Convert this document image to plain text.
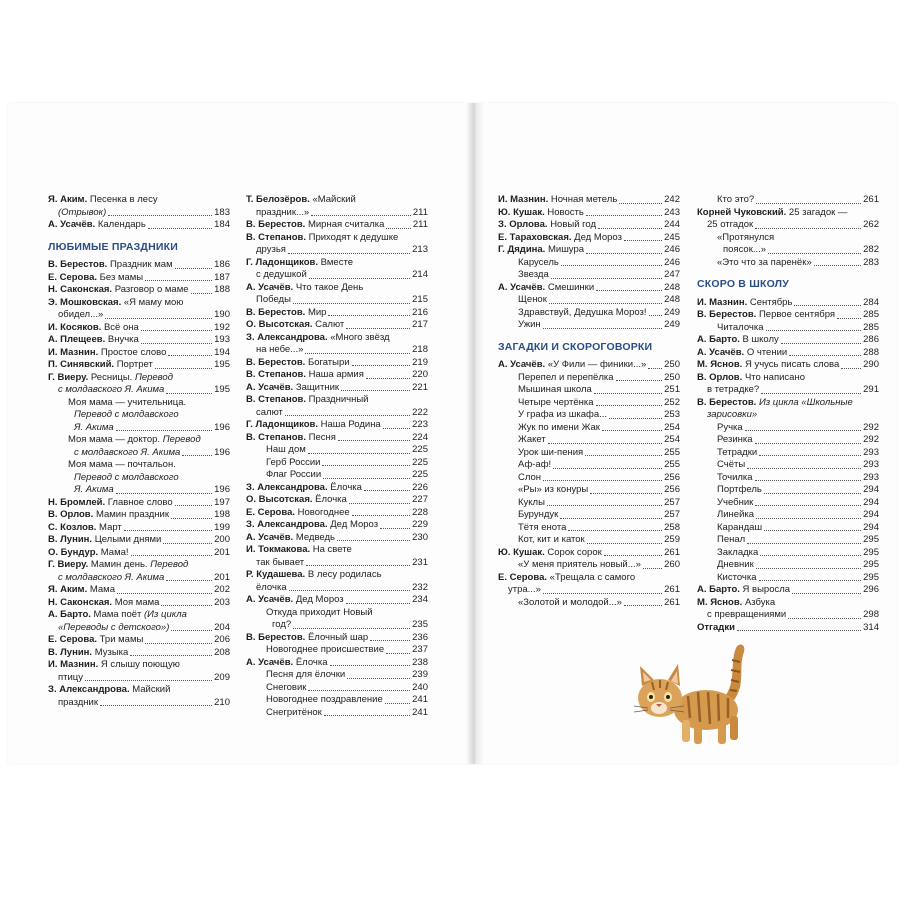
Я. Аким. Песенка в лесу
(Отрывок)	183
А. Усачёв. Календарь	184
ЛЮБИМЫЕ ПРАЗДНИКИ
В. Берестов. Праздник мам	186
Е. Серова. Без мамы	187
Н. Саконская. Разговор о маме	188
Э. Мошковская. «Я маму мою
обидел...»	190
И. Косяков. Всё она	192
А. Плещеев. Внучка	193
И. Мазнин. Простое слово	194
П. Синявский. Портрет	195
Г. Виеру. Ресницы. Перевод
с молдавского Я. Акима	195
Моя мама — учительница.
Перевод с молдавского
Я. Акима	196
Моя мама — доктор. Перевод
с молдавского Я. Акима	196
Моя мама — почтальон.
Перевод с молдавского
Я. Акима	196
Н. Бромлей. Главное слово	197
В. Орлов. Мамин праздник	198
С. Козлов. Март	199
В. Лунин. Целыми днями	200
О. Бундур. Мама!	201
Г. Виеру. Мамин день. Перевод
с молдавского Я. Акима	201
Я. Аким. Мама	202
Н. Саконская. Моя мама	203
А. Барто. Мама поёт (Из цикла
«Переводы с детского»)	204
Е. Серова. Три мамы	206
В. Лунин. Музыка	208
И. Мазнин. Я слышу поющую
птицу	209
З. Александрова. Майский
праздник	210
Т. Белозёров. «Майский
праздник...»	211
В. Берестов. Мирная считалка	211
В. Степанов. Приходят к дедушке
друзья	213
Г. Ладонщиков. Вместе
с дедушкой	214
А. Усачёв. Что такое День
Победы	215
В. Берестов. Мир	216
О. Высотская. Салют	217
З. Александрова. «Много звёзд
на небе...»	218
В. Берестов. Богатыри	219
В. Степанов. Наша армия	220
А. Усачёв. Защитник	221
В. Степанов. Праздничный
салют	222
Г. Ладонщиков. Наша Родина	223
В. Степанов. Песня	224
Наш дом	225
Герб России	225
Флаг России	225
З. Александрова. Ёлочка	226
О. Высотская. Ёлочка	227
Е. Серова. Новогоднее	228
З. Александрова. Дед Мороз	229
А. Усачёв. Медведь	230
И. Токмакова. На свете
так бывает	231
Р. Кудашева. В лесу родилась
ёлочка	232
А. Усачёв. Дед Мороз	234
Откуда приходит Новый
год?	235
В. Берестов. Ёлочный шар	236
Новогоднее происшествие	237
А. Усачёв. Ёлочка	238
Песня для ёлочки	239
Снеговик	240
Новогоднее поздравление	241
Снегритёнок	241
И. Мазнин. Ночная метель	242
Ю. Кушак. Новость	243
З. Орлова. Новый год	244
Е. Тараховская. Дед Мороз	245
Г. Дядина. Мишура	246
Карусель	246
Звезда	247
А. Усачёв. Смешинки	248
Щенок	248
Здравствуй, Дедушка Мороз! 249
Ужин	249
ЗАГАДКИ И СКОРОГОВОРКИ
А. Усачёв. «У Фили — финики...» 250
Перепел и перепёлка	250
Мышиная школа	251
Четыре чертёнка	252
У графа из шкафа...	253
Жук по имени Жак	254
Жакет	254
Урок ши-пения	255
Аф-аф!	255
Слон	256
«Ры» из конуры	256
Куклы	257
Бурундук	257
Тётя енота	258
Кот, кит и каток	259
Ю. Кушак. Сорок сорок	261
«У меня приятель новый...» 260
Е. Серова. «Трещала с самого
утра...»	261
«Золотой и молодой...»	261
Кто это?	261
Корней Чуковский. 25 загадок —
25 отгадок	262
«Протянулся
поясок...»	282
«Это что за паренёк»	283
СКОРО В ШКОЛУ
И. Мазнин. Сентябрь	284
В. Берестов. Первое сентября	285
Читалочка	285
А. Барто. В школу	286
А. Усачёв. О чтении	288
М. Яснов. Я учусь писать слова	290
В. Орлов. Что написано
в тетрадке?	291
В. Берестов. Из цикла «Школьные
зарисовки»
Ручка	292
Резинка	292
Тетрадки	293
Счёты	293
Точилка	293
Портфель	294
Учебник	294
Линейка	294
Карандаш	294
Пенал	295
Закладка	295
Дневник	295
Кисточка	295
А. Барто. Я выросла	296
М. Яснов. Азбука
с превращениями	298
Отгадки	314
